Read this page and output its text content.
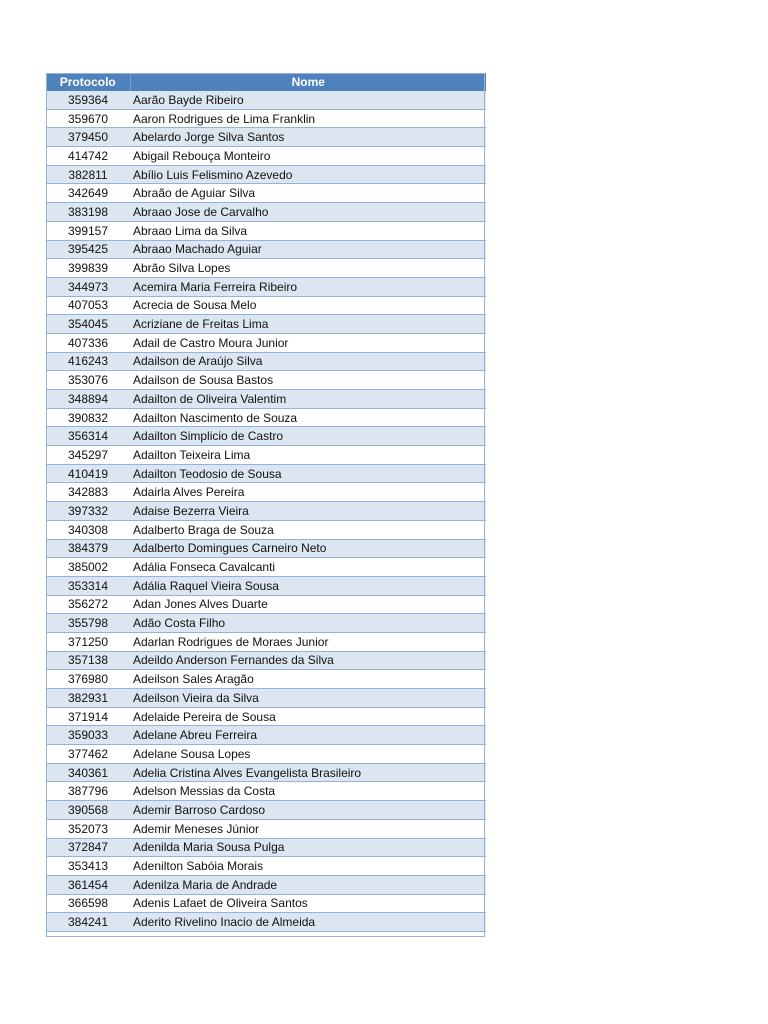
Protocolo	Nome
359364	Aarão Bayde Ribeiro
359670	Aaron Rodrigues de Lima Franklin
379450	Abelardo Jorge Silva Santos
414742	Abigail Rebouça Monteiro
382811	Abílio Luis Felismino Azevedo
342649	Abraão de Aguiar Silva
383198	Abraao Jose de Carvalho
399157	Abraao Lima da Silva
395425	Abraao Machado Aguiar
399839	Abrão Silva Lopes
344973	Acemira Maria Ferreira Ribeiro
407053	Acrecia de Sousa Melo
354045	Acriziane de Freitas Lima
407336	Adail de Castro Moura Junior
416243	Adailson de Araújo Silva
353076	Adailson de Sousa Bastos
348894	Adailton de Oliveira Valentim
390832	Adailton Nascimento de Souza
356314	Adailton Simplicio de Castro
345297	Adailton Teixeira Lima
410419	Adailton Teodosio de Sousa
342883	Adairla Alves Pereira
397332	Adaise Bezerra Vieira
340308	Adalberto Braga de Souza
384379	Adalberto Domingues Carneiro Neto
385002	Adália Fonseca Cavalcanti
353314	Adália Raquel Vieira Sousa
356272	Adan Jones Alves Duarte
355798	Adão Costa Filho
371250	Adarlan Rodrigues de Moraes Junior
357138	Adeildo Anderson Fernandes da Silva
376980	Adeilson Sales Aragão
382931	Adeilson Vieira da Silva
371914	Adelaide Pereira de Sousa
359033	Adelane Abreu Ferreira
377462	Adelane Sousa Lopes
340361	Adelia Cristina Alves Evangelista Brasileiro
387796	Adelson Messias da Costa
390568	Ademir Barroso Cardoso
352073	Ademir Meneses Júnior
372847	Adenilda Maria Sousa Pulga
353413	Adenilton Sabóia Morais
361454	Adenilza Maria de Andrade
366598	Adenis Lafaet de Oliveira Santos
384241	Aderito Rivelino Inacio de Almeida
